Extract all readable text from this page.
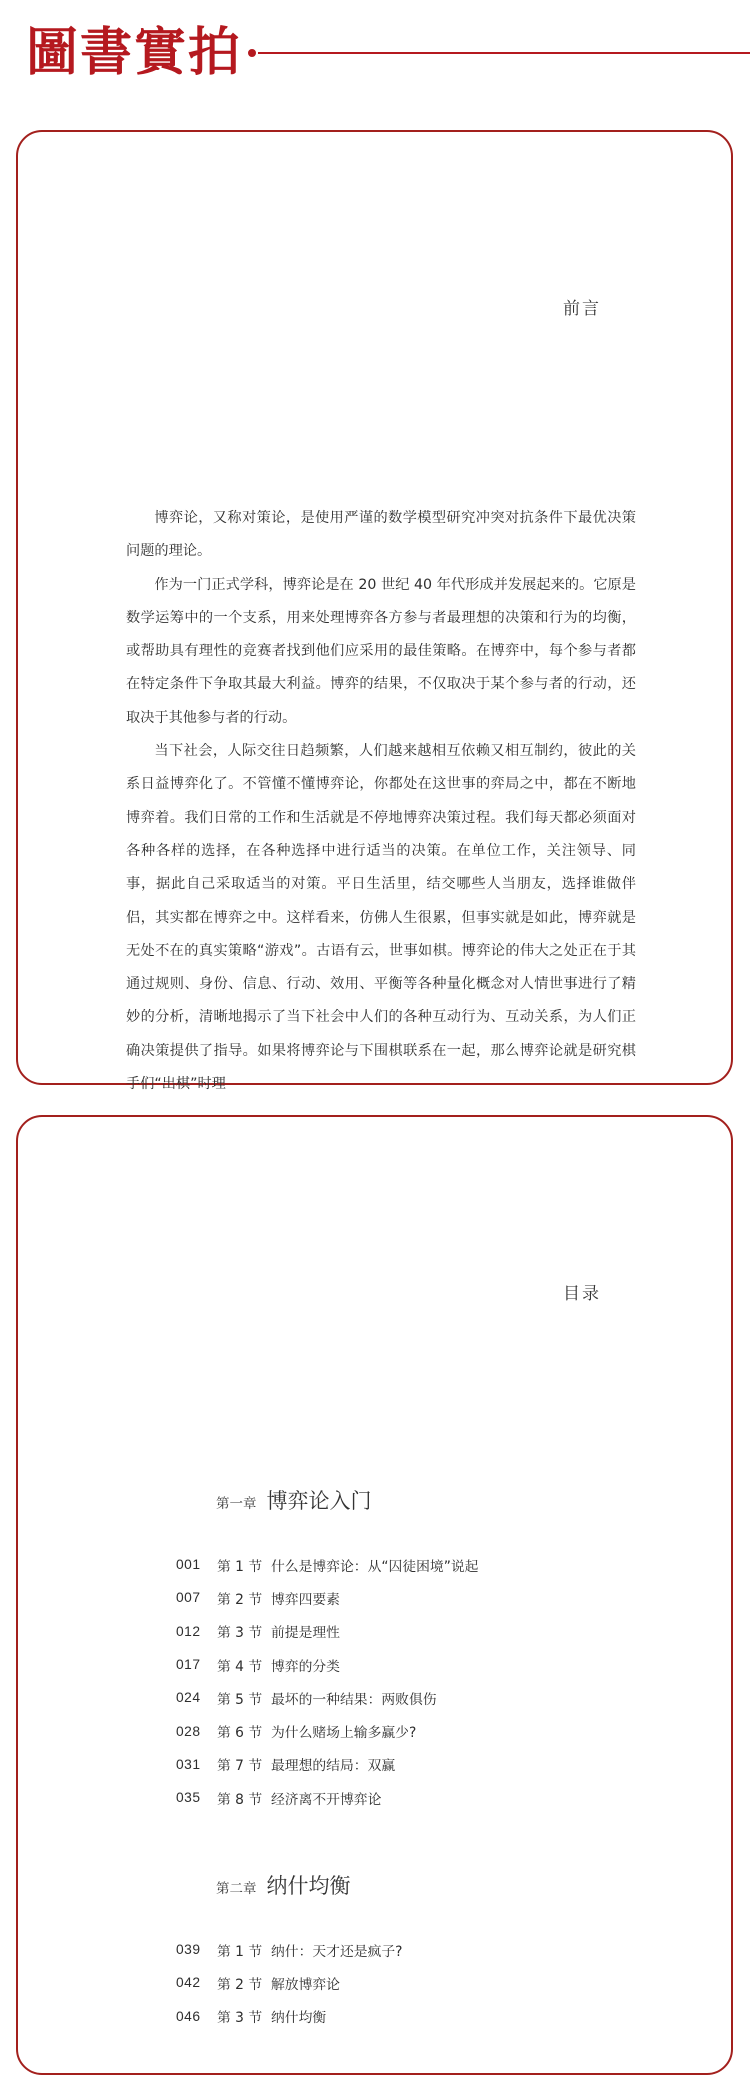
圖書實拍
前言

博弈论，又称对策论，是使用严谨的数学模型研究冲突对抗条件下最优决策问题的理论。

作为一门正式学科，博弈论是在 20 世纪 40 年代形成并发展起来的。它原是数学运筹中的一个支系，用来处理博弈各方参与者最理想的决策和行为的均衡，或帮助具有理性的竞赛者找到他们应采用的最佳策略。在博弈中，每个参与者都在特定条件下争取其最大利益。博弈的结果，不仅取决于某个参与者的行动，还取决于其他参与者的行动。

当下社会，人际交往日趋频繁，人们越来越相互依赖又相互制约，彼此的关系日益博弈化了。不管懂不懂博弈论，你都处在这世事的弈局之中，都在不断地博弈着。我们日常的工作和生活就是不停地博弈决策过程。我们每天都必须面对各种各样的选择，在各种选择中进行适当的决策。在单位工作，关注领导、同事，据此自己采取适当的对策。平日生活里，结交哪些人当朋友，选择谁做伴侣，其实都在博弈之中。这样看来，仿佛人生很累，但事实就是如此，博弈就是无处不在的真实策略“游戏”。古语有云，世事如棋。博弈论的伟大之处正在于其通过规则、身份、信息、行动、效用、平衡等各种量化概念对人情世事进行了精妙的分析，清晰地揭示了当下社会中人们的各种互动行为、互动关系，为人们正确决策提供了指导。如果将博弈论与下围棋联系在一起，那么博弈论就是研究棋手们“出棋”时理

目录
第一章 博弈论入门
001	第 1 节 什么是博弈论：从“囚徒困境”说起
007	第 2 节 博弈四要素
012	第 3 节 前提是理性
017	第 4 节 博弈的分类
024	第 5 节 最坏的一种结果：两败俱伤
028	第 6 节 为什么赌场上输多赢少?
031	第 7 节 最理想的结局：双赢
035	第 8 节 经济离不开博弈论
第二章 纳什均衡
039	第 1 节 纳什：天才还是疯子?
042	第 2 节 解放博弈论
046	第 3 节 纳什均衡
